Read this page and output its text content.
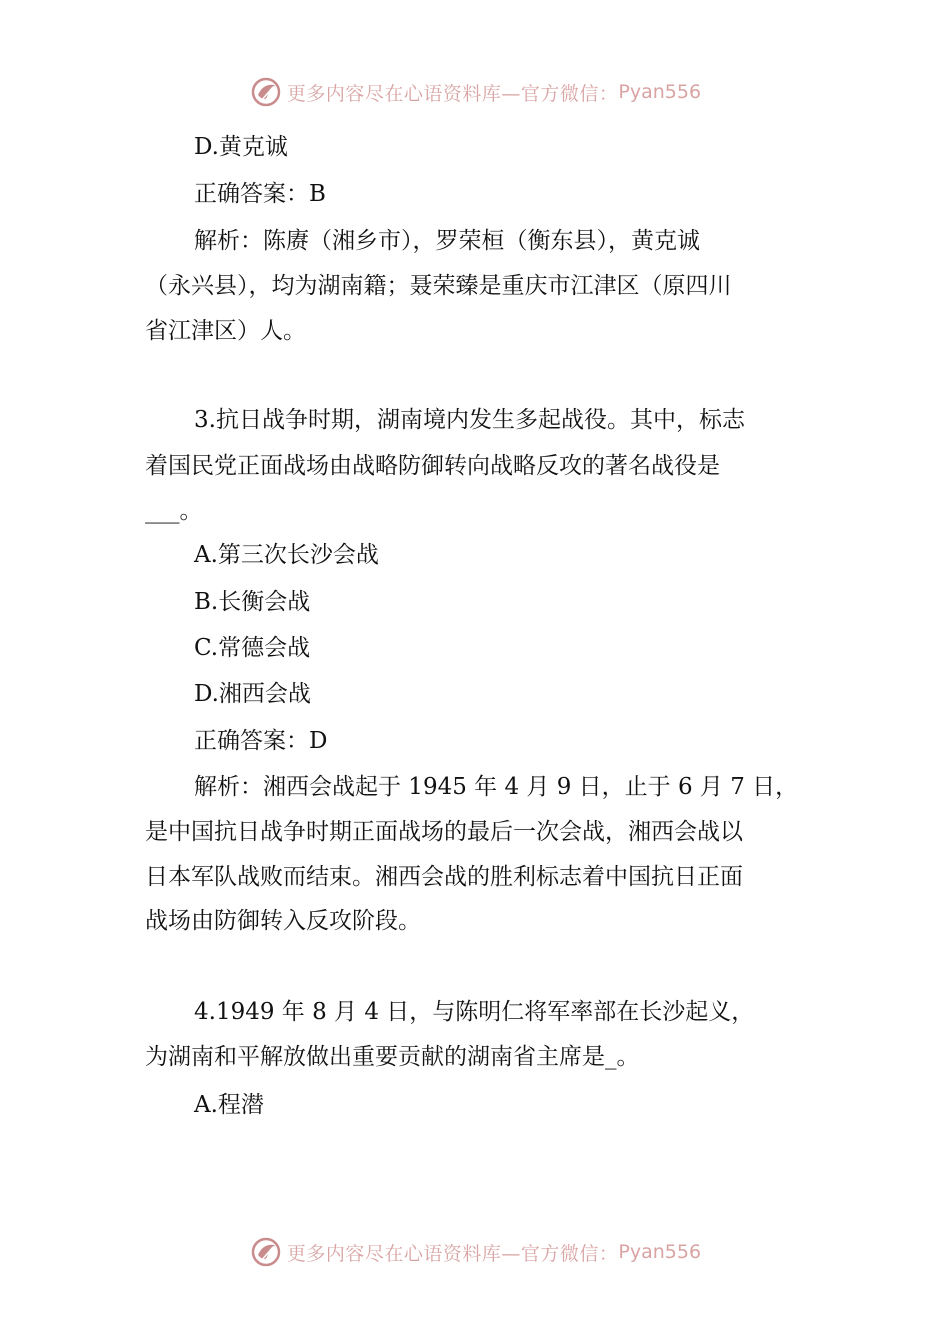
更多内容尽在心语资料库—官方微信： Pyan556
D.黄克诚
正确答案：B
解析：陈赓（湘乡市），罗荣桓（衡东县），黄克诚
（永兴县），均为湖南籍；聂荣臻是重庆市江津区（原四川
省江津区）人。
3.抗日战争时期，湖南境内发生多起战役。其中，标志
着国民党正面战场由战略防御转向战略反攻的著名战役是
___。
A.第三次长沙会战
B.长衡会战
C.常德会战
D.湘西会战
正确答案：D
解析：湘西会战起于 1945 年 4 月 9 日，止于 6 月 7 日，
是中国抗日战争时期正面战场的最后一次会战，湘西会战以
日本军队战败而结束。湘西会战的胜利标志着中国抗日正面
战场由防御转入反攻阶段。
4.1949 年 8 月 4 日，与陈明仁将军率部在长沙起义，
为湖南和平解放做出重要贡献的湖南省主席是_。
A.程潜
更多内容尽在心语资料库—官方微信： Pyan556
